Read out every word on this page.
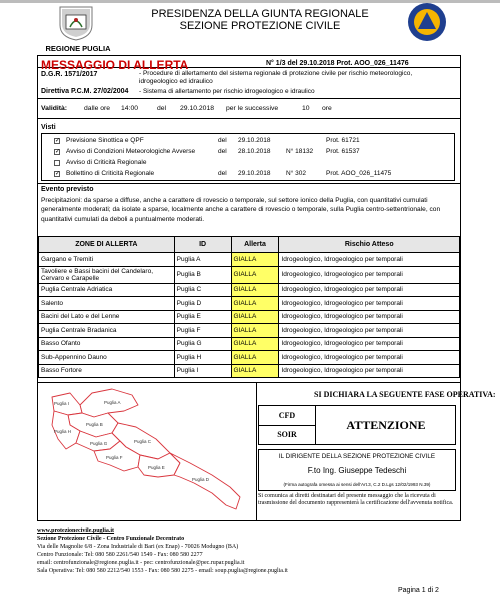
REGIONE PUGLIA
PRESIDENZA DELLA GIUNTA REGIONALE
SEZIONE PROTEZIONE CIVILE
MESSAGGIO DI ALLERTA	N° 1/3 del 29.10.2018 Prot. AOO_026_11476
D.G.R. 1571/2017	- Procedure di allertamento del sistema regionale di protezione civile per rischio meteorologico, idrogeologico ed idraulico
Direttiva P.C.M. 27/02/2004 - Sistema di allertamento per rischio idrogeologico e idraulico
Validità: dalle ore 14:00	del 29.10.2018 per le successive	10 ore
Visti
✓ Previsione Sinottica e QPF	del 29.10.2018	Prot. 61721
✓ Avviso di Condizioni Meteorologiche Avverse	del 28.10.2018 N° 18132 Prot. 61537
Avviso di Criticità Regionale
✓ Bollettino di Criticità Regionale	del 29.10.2018 N° 302	Prot. AOO_026_11475
Evento previsto
Precipitazioni: da sparse a diffuse, anche a carattere di rovescio o temporale, sul settore ionico della Puglia, con quantitativi cumulati generalmente moderati; da isolate a sparse, localmente anche a carattere di rovescio o temporale, sulla Puglia centro-settentrionale, con quantitativi cumulati da deboli a puntualmente moderati.
ZONE DI ALLERTA	ID	Allerta	Rischio Atteso
Gargano e Tremiti	Puglia A	GIALLA	Idrogeologico, Idrogeologico per temporali
Tavoliere e Bassi bacini del Candelaro, Cervaro e Carapelle	Puglia B	GIALLA	Idrogeologico, Idrogeologico per temporali
Puglia Centrale Adriatica	Puglia C	GIALLA	Idrogeologico, Idrogeologico per temporali
Salento	Puglia D	GIALLA	Idrogeologico, Idrogeologico per temporali
Bacini del Lato e del Lenne	Puglia E	GIALLA	Idrogeologico, Idrogeologico per temporali
Puglia Centrale Bradanica	Puglia F	GIALLA	Idrogeologico, Idrogeologico per temporali
Basso Ofanto	Puglia G	GIALLA	Idrogeologico, Idrogeologico per temporali
Sub-Appennino Dauno	Puglia H	GIALLA	Idrogeologico, Idrogeologico per temporali
Basso Fortore	Puglia I	GIALLA	Idrogeologico, Idrogeologico per temporali
Puglia A
Puglia B
Puglia C
Puglia D
Puglia E
Puglia F
Puglia G
Puglia H
Puglia I
SI DICHIARA LA SEGUENTE FASE OPERATIVA:
CFD
SOIR
ATTENZIONE
IL DIRIGENTE DELLA SEZIONE PROTEZIONE CIVILE
F.to Ing. Giuseppe Tedeschi
(Firma autografa omessa ai sensi dell'Art.3, C.2 D.Lgs 12/02/1993 N.39)
Si comunica ai diretti destinatari del presente messaggio che la ricevuta di trasmissione del documento rappresenterà la certificazione dell'avvenuta notifica.
www.protezionecivile.puglia.it
Sezione Protezione Civile - Centro Funzionale Decentrato
Via delle Magnolie 6/8 - Zona Industriale di Bari (ex Enap) - 70026 Modugno (BA)
Centro Funzionale: Tel: 080 580 2261/540 1549 - Fax: 080 580 2277
email: centrofunzionale@regione.puglia.it - pec: centrofunzionale@pec.rupar.puglia.it
Sala Operativa: Tel: 080 580 2212/540 1553 - Fax: 080 580 2275 - email: soup.puglia@regione.puglia.it
Pagina 1 di 2
